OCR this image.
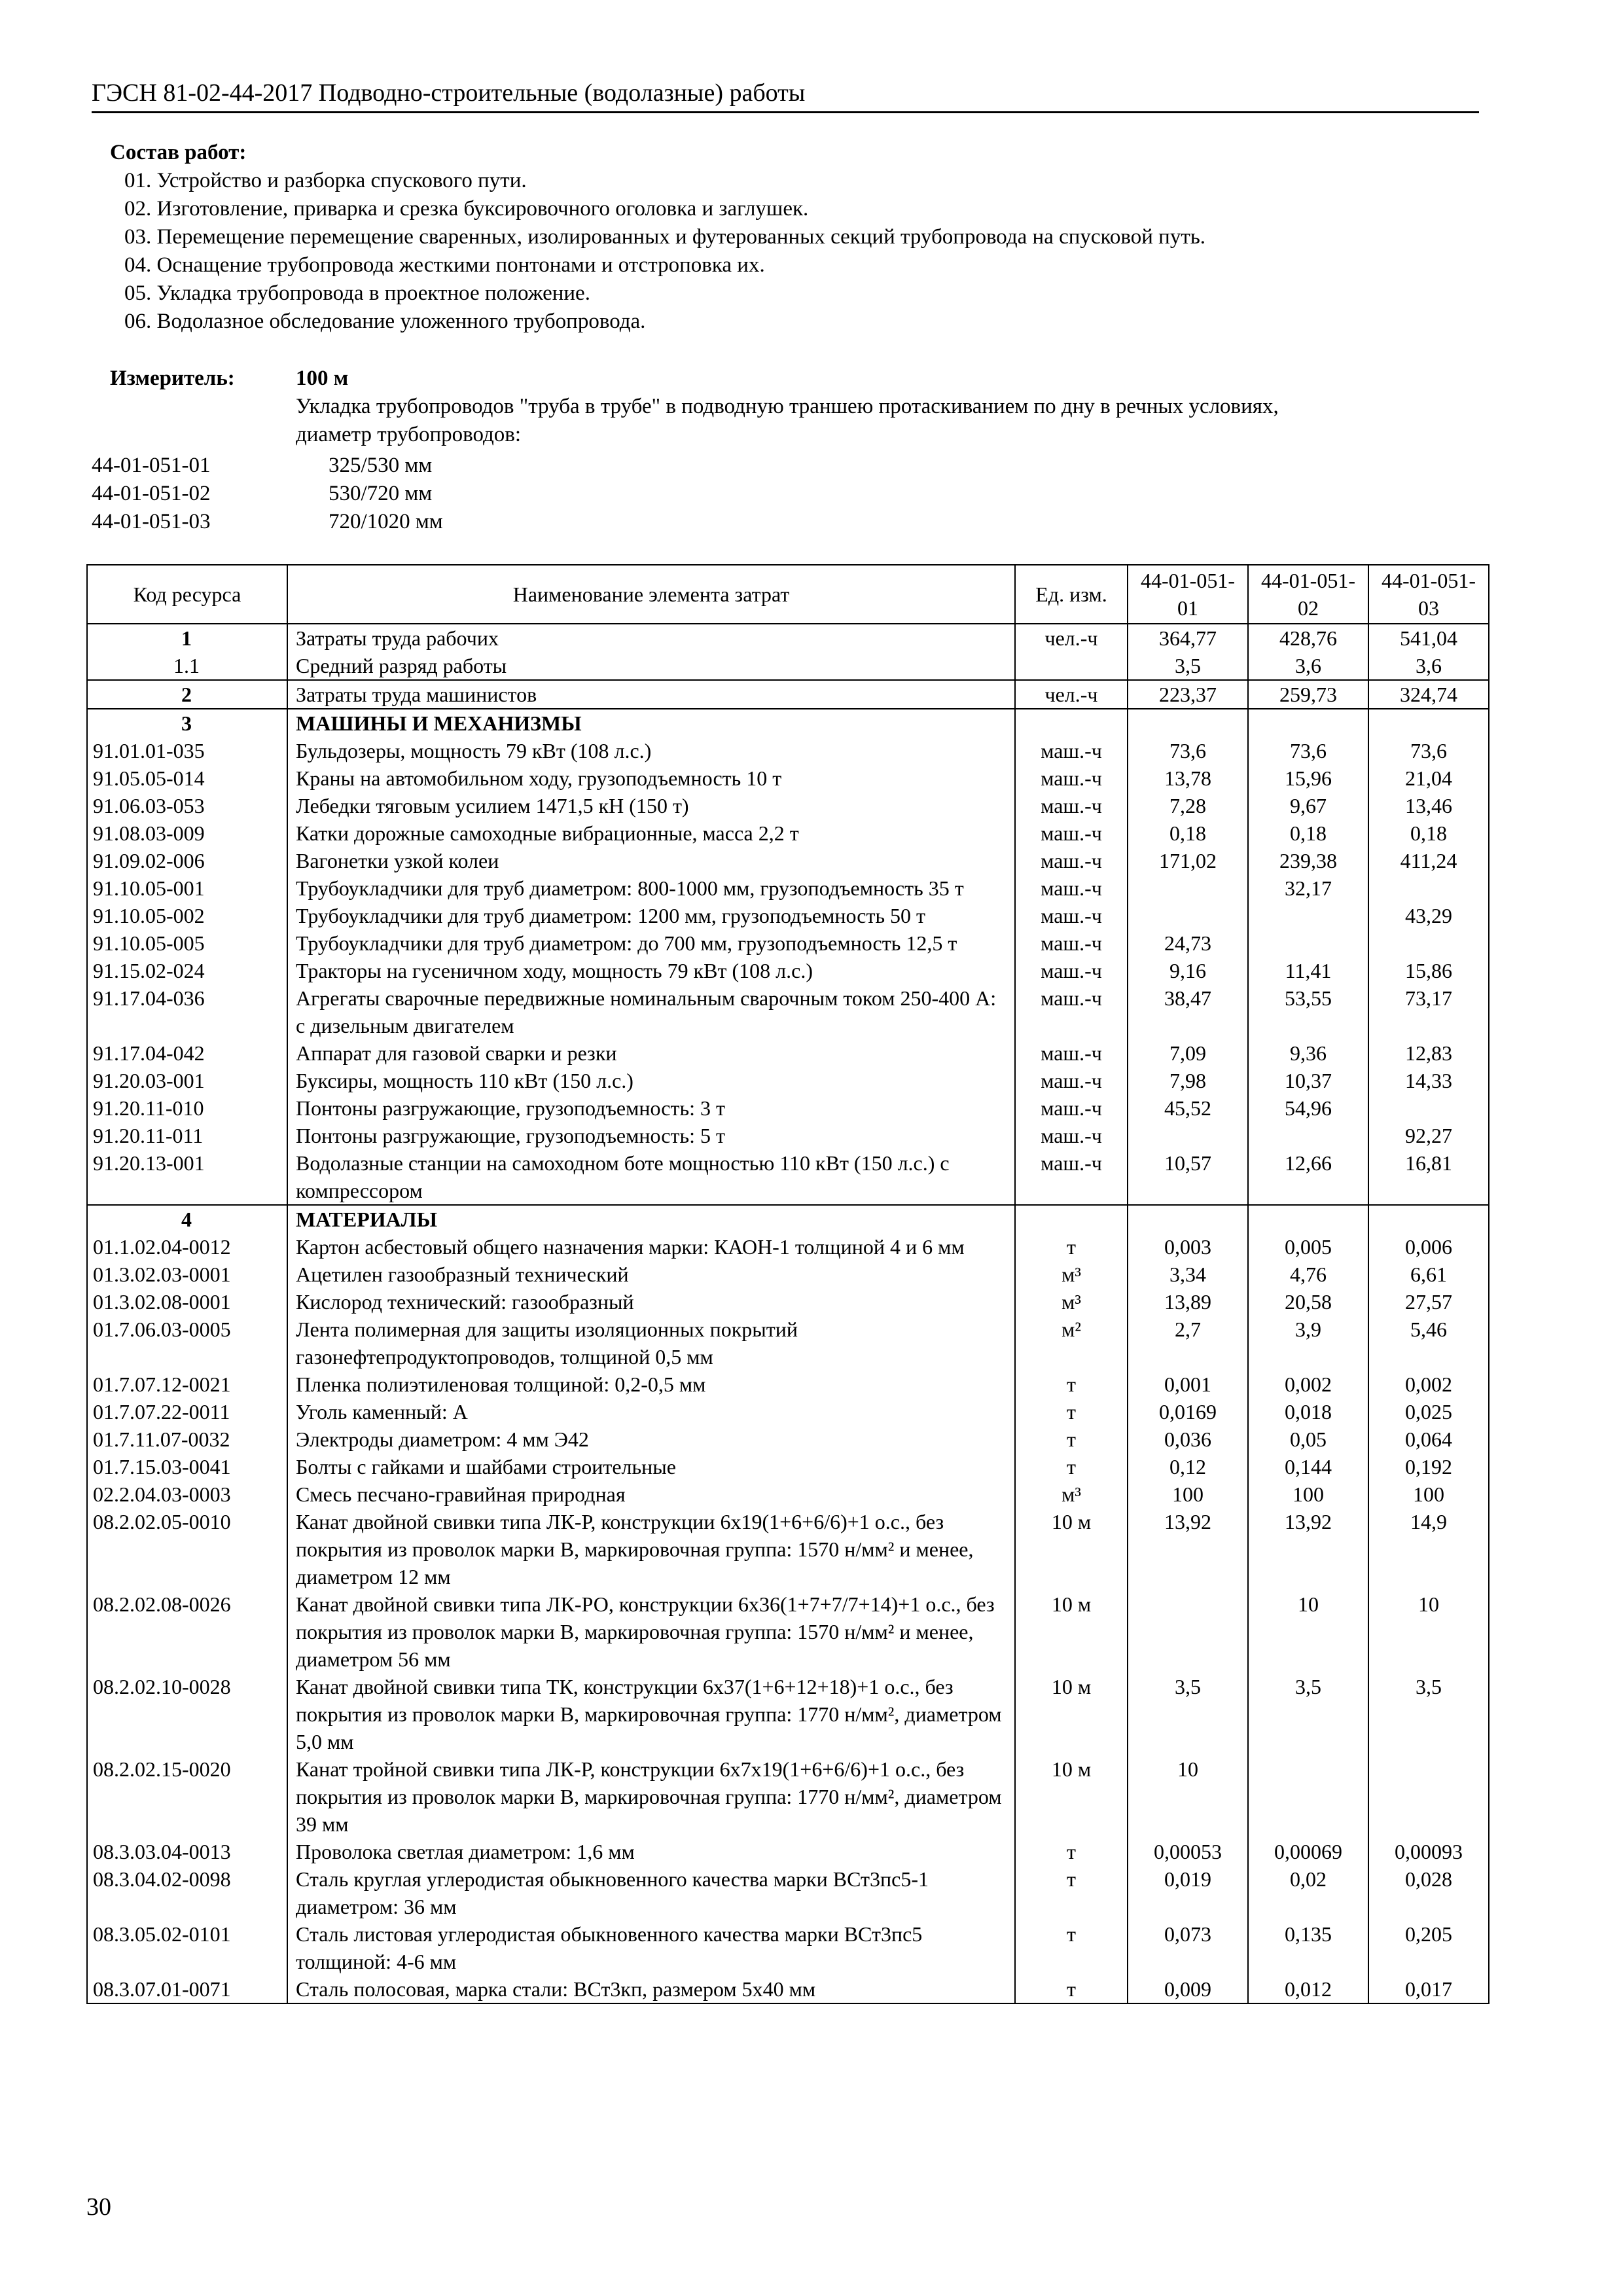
ГЭСН 81-02-44-2017 Подводно-строительные (водолазные) работы
Состав работ:
01. Устройство и разборка спускового пути.
02. Изготовление, приварка и срезка буксировочного оголовка и заглушек.
03. Перемещение перемещение сваренных, изолированных и футерованных секций трубопровода на спусковой путь.
04. Оснащение трубопровода жесткими понтонами и отстроповка их.
05. Укладка трубопровода в проектное положение.
06. Водолазное обследование уложенного трубопровода.
Измеритель:	100 м
Укладка трубопроводов "труба в трубе" в подводную траншею протаскиванием по дну в речных условиях, диаметр трубопроводов:
44-01-051-01	325/530 мм
44-01-051-02	530/720 мм
44-01-051-03	720/1020 мм
Код ресурса	Наименование элемента затрат	Ед. изм.	44-01-051-01	44-01-051-02	44-01-051-03
1	Затраты труда рабочих	чел.-ч	364,77	428,76	541,04
1.1	Средний разряд работы		3,5	3,6	3,6
2	Затраты труда машинистов	чел.-ч	223,37	259,73	324,74
3	МАШИНЫ И МЕХАНИЗМЫ				
91.01.01-035	Бульдозеры, мощность 79 кВт (108 л.с.)	маш.-ч	73,6	73,6	73,6
91.05.05-014	Краны на автомобильном ходу, грузоподъемность 10 т	маш.-ч	13,78	15,96	21,04
91.06.03-053	Лебедки тяговым усилием 1471,5 кН (150 т)	маш.-ч	7,28	9,67	13,46
91.08.03-009	Катки дорожные самоходные вибрационные, масса 2,2 т	маш.-ч	0,18	0,18	0,18
91.09.02-006	Вагонетки узкой колеи	маш.-ч	171,02	239,38	411,24
91.10.05-001	Трубоукладчики для труб диаметром: 800-1000 мм, грузоподъемность 35 т	маш.-ч		32,17	
91.10.05-002	Трубоукладчики для труб диаметром: 1200 мм, грузоподъемность 50 т	маш.-ч			43,29
91.10.05-005	Трубоукладчики для труб диаметром: до 700 мм, грузоподъемность 12,5 т	маш.-ч	24,73		
91.15.02-024	Тракторы на гусеничном ходу, мощность 79 кВт (108 л.с.)	маш.-ч	9,16	11,41	15,86
91.17.04-036	Агрегаты сварочные передвижные номинальным сварочным током 250-400 А: с дизельным двигателем	маш.-ч	38,47	53,55	73,17
91.17.04-042	Аппарат для газовой сварки и резки	маш.-ч	7,09	9,36	12,83
91.20.03-001	Буксиры, мощность 110 кВт (150 л.с.)	маш.-ч	7,98	10,37	14,33
91.20.11-010	Понтоны разгружающие, грузоподъемность: 3 т	маш.-ч	45,52	54,96	
91.20.11-011	Понтоны разгружающие, грузоподъемность: 5 т	маш.-ч			92,27
91.20.13-001	Водолазные станции на самоходном боте мощностью 110 кВт (150 л.с.) с компрессором	маш.-ч	10,57	12,66	16,81
4	МАТЕРИАЛЫ				
01.1.02.04-0012	Картон асбестовый общего назначения марки: КАОН-1 толщиной 4 и 6 мм	т	0,003	0,005	0,006
01.3.02.03-0001	Ацетилен газообразный технический	м³	3,34	4,76	6,61
01.3.02.08-0001	Кислород технический: газообразный	м³	13,89	20,58	27,57
01.7.06.03-0005	Лента полимерная для защиты изоляционных покрытий газонефтепродуктопроводов, толщиной 0,5 мм	м²	2,7	3,9	5,46
01.7.07.12-0021	Пленка полиэтиленовая толщиной: 0,2-0,5 мм	т	0,001	0,002	0,002
01.7.07.22-0011	Уголь каменный: А	т	0,0169	0,018	0,025
01.7.11.07-0032	Электроды диаметром: 4 мм Э42	т	0,036	0,05	0,064
01.7.15.03-0041	Болты с гайками и шайбами строительные	т	0,12	0,144	0,192
02.2.04.03-0003	Смесь песчано-гравийная природная	м³	100	100	100
08.2.02.05-0010	Канат двойной свивки типа ЛК-Р, конструкции 6х19(1+6+6/6)+1 о.с., без покрытия из проволок марки В, маркировочная группа: 1570 н/мм² и менее, диаметром 12 мм	10 м	13,92	13,92	14,9
08.2.02.08-0026	Канат двойной свивки типа ЛК-РО, конструкции 6х36(1+7+7/7+14)+1 о.с., без покрытия из проволок марки В, маркировочная группа: 1570 н/мм² и менее, диаметром 56 мм	10 м		10	10
08.2.02.10-0028	Канат двойной свивки типа ТК, конструкции 6х37(1+6+12+18)+1 о.с., без покрытия из проволок марки В, маркировочная группа: 1770 н/мм², диаметром 5,0 мм	10 м	3,5	3,5	3,5
08.2.02.15-0020	Канат тройной свивки типа ЛК-Р, конструкции 6х7х19(1+6+6/6)+1 о.с., без покрытия из проволок марки В, маркировочная группа: 1770 н/мм², диаметром 39 мм	10 м	10		
08.3.03.04-0013	Проволока светлая диаметром: 1,6 мм	т	0,00053	0,00069	0,00093
08.3.04.02-0098	Сталь круглая углеродистая обыкновенного качества марки ВСт3пс5-1 диаметром: 36 мм	т	0,019	0,02	0,028
08.3.05.02-0101	Сталь листовая углеродистая обыкновенного качества марки ВСт3пс5 толщиной: 4-6 мм	т	0,073	0,135	0,205
08.3.07.01-0071	Сталь полосовая, марка стали: ВСт3кп, размером 5х40 мм	т	0,009	0,012	0,017
30
